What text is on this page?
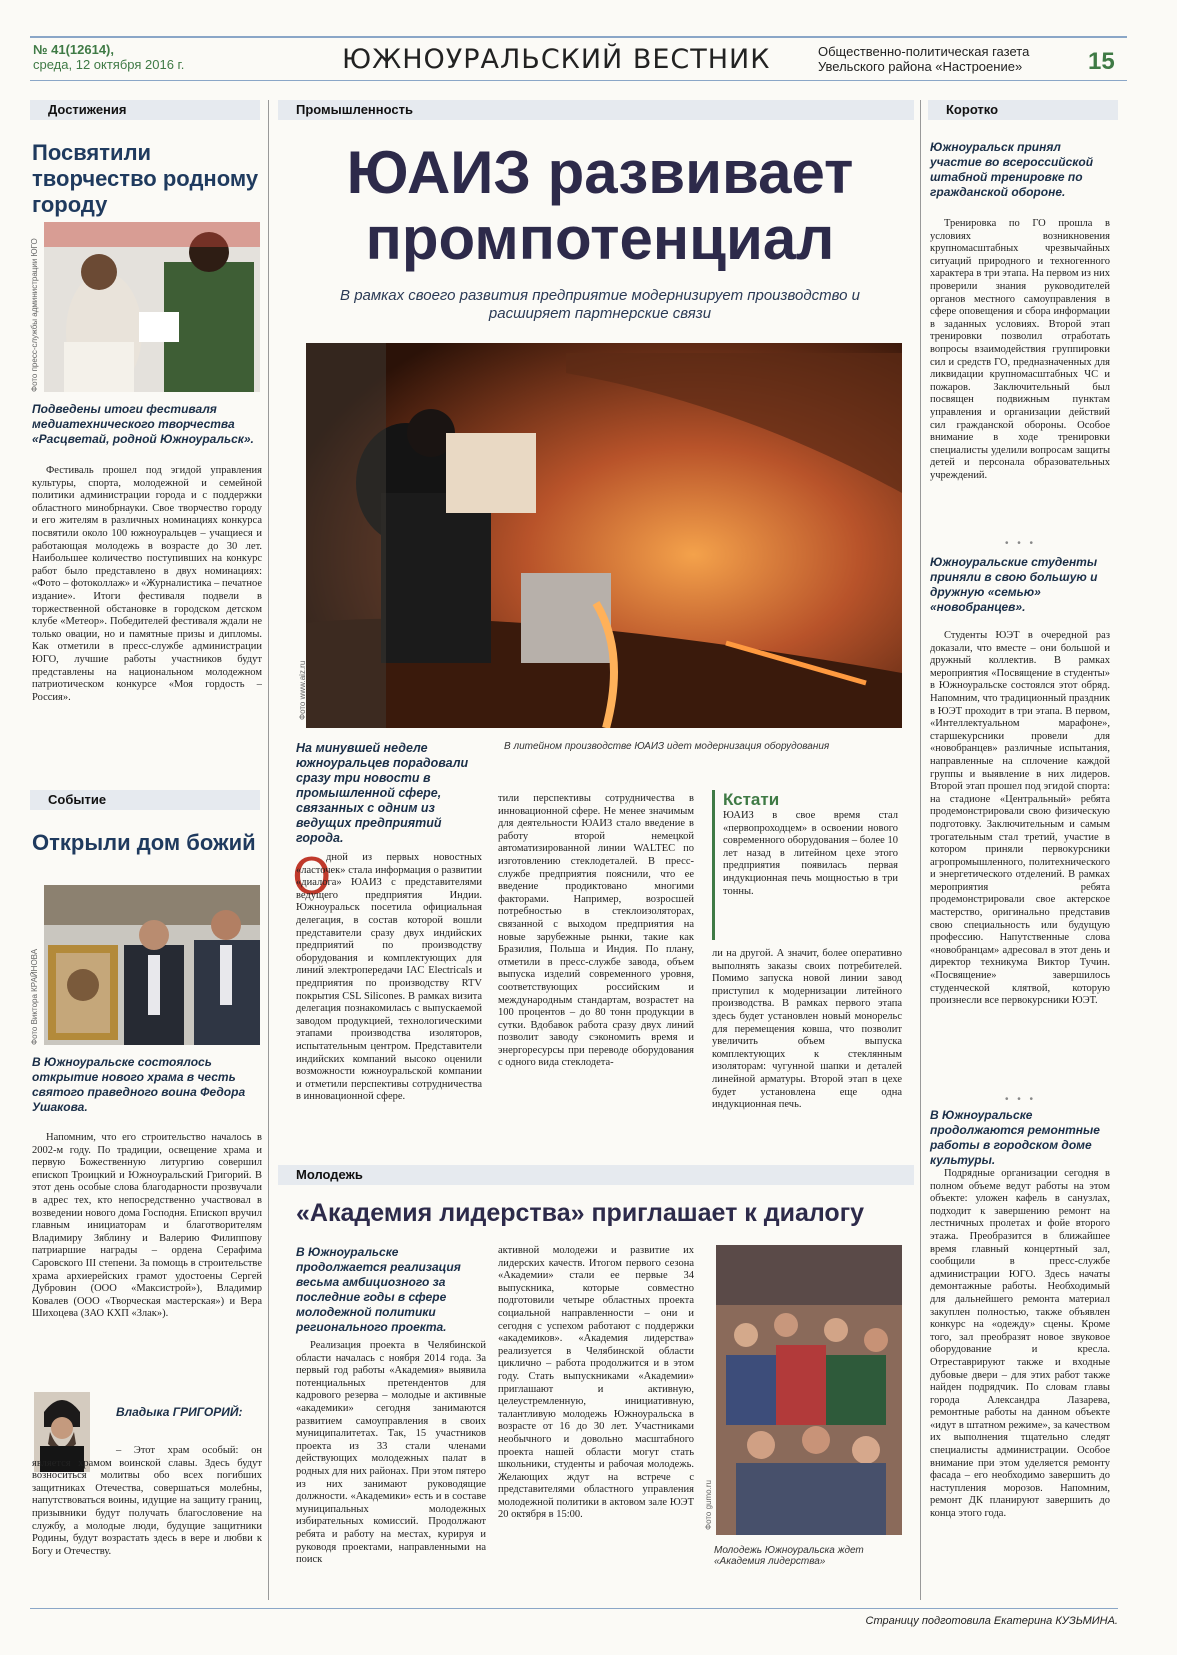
№ 41(12614),
среда, 12 октября 2016 г.	ЮЖНОУРАЛЬСКИЙ ВЕСТНИК	Общественно-политическая газета
Увельского района «Настроение»	15
Достижения	Промышленность	Коротко
Событие
Молодежь
Посвятили творчество родному городу
Фото пресс-службы администрации ЮГО
Подведены итоги фестиваля медиатехнического творчества «Расцветай, родной Южноуральск».
Фестиваль прошел под эгидой управления культуры, спорта, молодежной и семейной политики администрации города и с поддержки областного минобрнауки. Свое творчество городу и его жителям в различных номинациях конкурса посвятили около 100 южноуральцев – учащиеся и работающая молодежь в возрасте до 30 лет. Наибольшее количество поступивших на конкурс работ было представлено в двух номинациях: «Фото – фотоколлаж» и «Журналистика – печатное издание». Итоги фестиваля подвели в торжественной обстановке в городском детском клубе «Метеор». Победителей фестиваля ждали не только овации, но и памятные призы и дипломы. Как отметили в пресс-службе администрации ЮГО, лучшие работы участников будут представлены на национальном молодежном патриотическом конкурсе «Моя гордость – Россия».
Открыли дом божий
Фото Виктора КРАЙНОВА
В Южноуральске состоялось открытие нового храма в честь святого праведного воина Федора Ушакова.
Напомним, что его строительство началось в 2002-м году. По традиции, освещение храма и первую Божественную литургию совершил епископ Троицкий и Южноуральский Григорий. В этот день особые слова благодарности прозвучали в адрес тех, кто непосредственно участвовал в возведении нового дома Господня. Епископ вручил главным инициаторам и благотворителям Владимиру Зяблину и Валерию Филиппову патриаршие награды – ордена Серафима Саровского III степени. За помощь в строительстве храма архиерейских грамот удостоены Сергей Дубровин (ООО «Максистрой»), Владимир Ковалев (ООО «Творческая мастерская») и Вера Шихоцева (ЗАО КХП «Злак»).
Владыка ГРИГОРИЙ:
– Этот храм особый: он является храмом воинской славы. Здесь будут возноситься молитвы обо всех погибших защитниках Отечества, совершаться молебны, напутствоваться воины, идущие на защиту границ, призывники будут получать благословение на службу, а молодые люди, будущие защитники Родины, будут возрастать здесь в вере и любви к Богу и Отечеству.
ЮАИЗ развивает
промпотенциал
В рамках своего развития предприятие модернизирует производство и расширяет партнерские связи
Фото www.aiz.ru
В литейном производстве ЮАИЗ идет модернизация оборудования
На минувшей неделе южноуральцев порадовали сразу три новости в промышленной сфере, связанных с одним из ведущих предприятий города.
О
дной из первых новостных «ласточек» стала информация о развитии «диалога» ЮАИЗ с представителями ведущего предприятия Индии. Южноуральск посетила официальная делегация, в состав которой вошли представители сразу двух индийских предприятий по производству оборудования и комплектующих для линий электропередачи IAC Electricals и предприятия по производству RTV покрытия CSL Silicones. В рамках визита делегация познакомилась с выпускаемой заводом продукцией, технологическими этапами производства изоляторов, испытательным центром. Представители индийских компаний высоко оценили возможности южноуральской компании и отметили перспективы сотрудничества в инновационной сфере.
тили перспективы сотрудничества в инновационной сфере. Не менее значимым для деятельности ЮАИЗ стало введение в работу второй немецкой автоматизированной линии WALTEC по изготовлению стеклодеталей. В пресс-службе предприятия пояснили, что ее введение продиктовано многими факторами. Например, возросшей потребностью в стеклоизоляторах, связанной с выходом предприятия на новые зарубежные рынки, такие как Бразилия, Польша и Индия. По плану, отметили в пресс-службе завода, объем выпуска изделий современного уровня, соответствующих российским и международным стандартам, возрастет на 100 процентов – до 80 тонн продукции в сутки. Вдобавок работа сразу двух линий позволит заводу сэкономить время и энергоресурсы при переводе оборудования с одного вида стеклодета-
Кстати
ЮАИЗ в свое время стал «первопроходцем» в освоении нового современного оборудования – более 10 лет назад в литейном цехе этого предприятия появилась первая индукционная печь мощностью в три тонны.
ли на другой. А значит, более оперативно выполнять заказы своих потребителей. Помимо запуска новой линии завод приступил к модернизации литейного производства. В рамках первого этапа здесь будет установлен новый монорельс для перемещения ковша, что позволит увеличить объем выпуска комплектующих к стеклянным изоляторам: чугунной шапки и деталей линейной арматуры. Второй этап в цехе будет установлена еще одна индукционная печь.
«Академия лидерства» приглашает к диалогу
В Южноуральске продолжается реализация весьма амбициозного за последние годы в сфере молодежной политики регионального проекта.
Реализация проекта в Челябинской области началась с ноября 2014 года. За первый год работы «Академия» выявила потенциальных претендентов для кадрового резерва – молодые и активные «академики» сегодня занимаются развитием самоуправления в своих муниципалитетах. Так, 15 участников проекта из 33 стали членами действующих молодежных палат в родных для них районах. При этом пятеро из них занимают руководящие должности. «Академики» есть и в составе муниципальных молодежных избирательных комиссий. Продолжают ребята и работу на местах, курируя и руководя проектами, направленными на поиск
активной молодежи и развитие их лидерских качеств. Итогом первого сезона «Академии» стали ее первые 34 выпускника, которые совместно подготовили четыре областных проекта социальной направленности – они и сегодня с успехом работают с поддержки «академиков». «Академия лидерства» реализуется в Челябинской области циклично – работа продолжится и в этом году. Стать выпускниками «Академии» приглашают и активную, целеустремленную, инициативную, талантливую молодежь Южноуральска в возрасте от 16 до 30 лет. Участниками необычного и довольно масштабного проекта нашей области могут стать школьники, студенты и рабочая молодежь. Желающих ждут на встрече с представителями областного управления молодежной политики в актовом зале ЮЭТ 20 октября в 15:00.	Фото gumo.ru
Молодежь Южноуральска ждет «Академия лидерства»
Южноуральск принял участие во всероссийской штабной тренировке по гражданской обороне.
Тренировка по ГО прошла в условиях возникновения крупномасштабных чрезвычайных ситуаций природного и техногенного характера в три этапа. На первом из них проверили знания руководителей органов местного самоуправления в сфере оповещения и сбора информации в заданных условиях. Второй этап тренировки позволил отработать вопросы взаимодействия группировки сил и средств ГО, предназначенных для ликвидации крупномасштабных ЧС и пожаров. Заключительный был посвящен подвижным пунктам управления и организации действий сил гражданской обороны. Особое внимание в ходе тренировки специалисты уделили вопросам защиты детей и персонала образовательных учреждений.
• • •
Южноуральские студенты приняли в свою большую и дружную «семью» «новобранцев».
Студенты ЮЭТ в очередной раз доказали, что вместе – они большой и дружный коллектив. В рамках мероприятия «Посвящение в студенты» в Южноуральске состоялся этот обряд. Напомним, что традиционный праздник в ЮЭТ проходит в три этапа. В первом, «Интеллектуальном марафоне», старшекурсники провели для «новобранцев» различные испытания, направленные на сплочение каждой группы и выявление в них лидеров. Второй этап прошел под эгидой спорта: на стадионе «Центральный» ребята продемонстрировали свою физическую подготовку. Заключительным и самым трогательным стал третий, участие в котором приняли первокурсники агропромышленного, политехнического и энергетического отделений. В рамках мероприятия ребята продемонстрировали свое актерское мастерство, оригинально представив свою специальность или будущую профессию. Напутственные слова «новобранцам» адресовал в этот день и директор техникума Виктор Тучин. «Посвящение» завершилось студенческой клятвой, которую произнесли все первокурсники ЮЭТ.
• • •
В Южноуральске продолжаются ремонтные работы в городском доме культуры.
Подрядные организации сегодня в полном объеме ведут работы на этом объекте: уложен кафель в санузлах, подходит к завершению ремонт на лестничных пролетах и фойе второго этажа. Преобразится в ближайшее время главный концертный зал, сообщили в пресс-службе администрации ЮГО. Здесь начаты демонтажные работы. Необходимый для дальнейшего ремонта материал закуплен полностью, также объявлен конкурс на «одежду» сцены. Кроме того, зал преобразят новое звуковое оборудование и кресла. Отреставрируют также и входные дубовые двери – для этих работ также найден подрядчик. По словам главы города Александра Лазарева, ремонтные работы на данном объекте «идут в штатном режиме», за качеством их выполнения тщательно следят специалисты администрации. Особое внимание при этом уделяется ремонту фасада – его необходимо завершить до наступления морозов. Напомним, ремонт ДК планируют завершить до конца этого года.
Страницу подготовила Екатерина КУЗЬМИНА.
